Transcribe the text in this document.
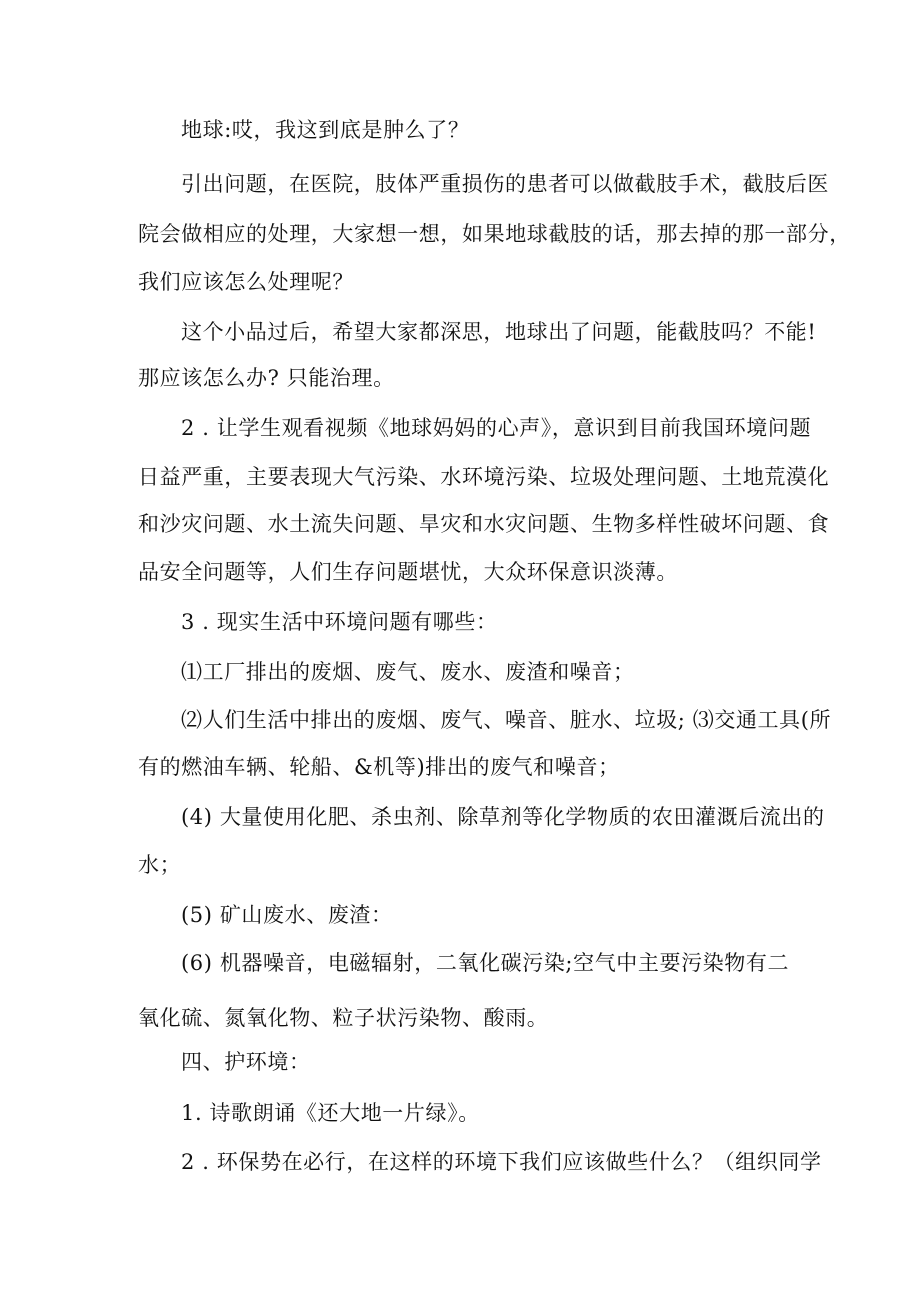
地球:哎，我这到底是肿么了？
引出问题，在医院，肢体严重损伤的患者可以做截肢手术，截肢后医
院会做相应的处理，大家想一想，如果地球截肢的话，那去掉的那一部分，
我们应该怎么处理呢？
这个小品过后，希望大家都深思，地球出了问题，能截肢吗？不能!
那应该怎么办? 只能治理。
2 . 让学生观看视频《地球妈妈的心声》，意识到目前我国环境问题
日益严重，主要表现大气污染、水环境污染、垃圾处理问题、土地荒漠化
和沙灾问题、水土流失问题、旱灾和水灾问题、生物多样性破坏问题、食
品安全问题等，人们生存问题堪忧，大众环保意识淡薄。
3 . 现实生活中环境问题有哪些：
⑴工厂排出的废烟、废气、废水、废渣和噪音；
⑵人们生活中排出的废烟、废气、噪音、脏水、垃圾; ⑶交通工具(所
有的燃油车辆、轮船、&机等)排出的废气和噪音；
(4) 大量使用化肥、杀虫剂、除草剂等化学物质的农田灌溉后流出的
水；
(5) 矿山废水、废渣：
(6) 机器噪音，电磁辐射，二氧化碳污染;空气中主要污染物有二
氧化硫、氮氧化物、粒子状污染物、酸雨。
四、护环境：
1. 诗歌朗诵《还大地一片绿》。
2 . 环保势在必行，在这样的环境下我们应该做些什么？（组织同学
